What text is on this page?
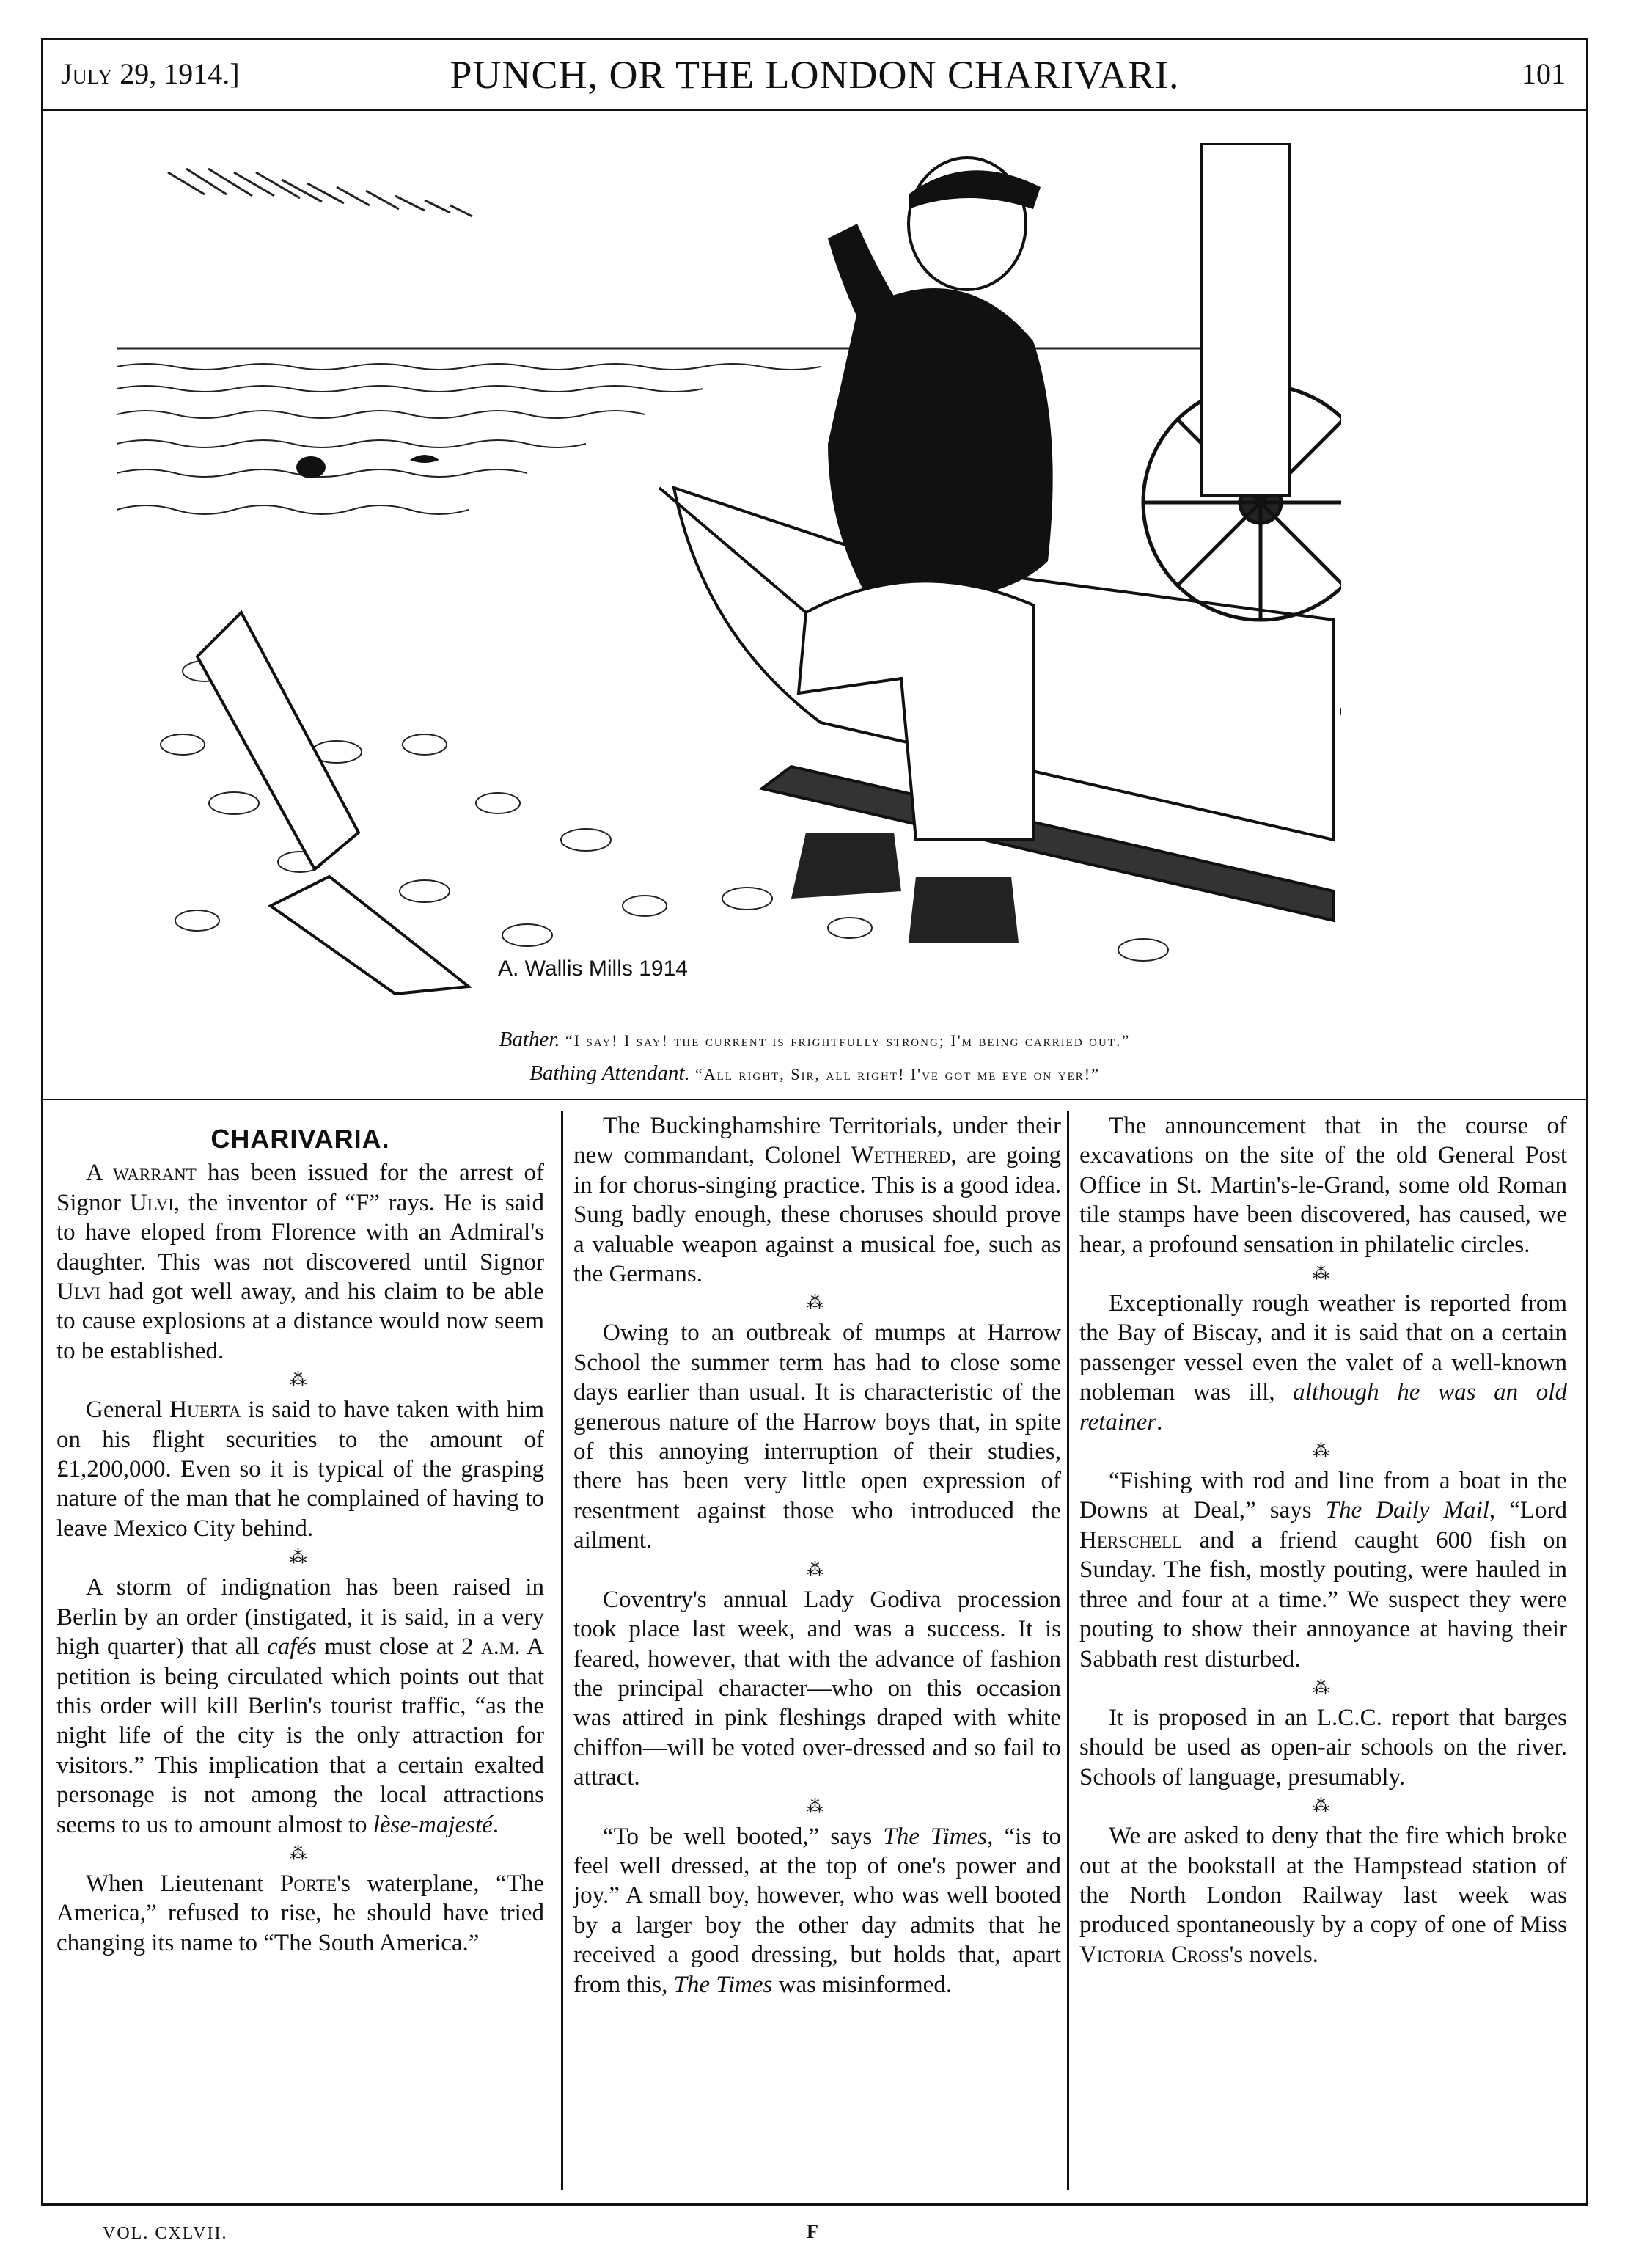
July 29, 1914.]	PUNCH, OR THE LONDON CHARIVARI.	101
A. Wallis Mills 1914
Bather. “I say! I say! the current is frightfully strong; I'm being carried out.”
Bathing Attendant. “All right, Sir, all right! I've got me eye on yer!”
CHARIVARIA.

A warrant has been issued for the arrest of Signor Ulvi, the inventor of “F” rays. He is said to have eloped from Florence with an Admiral's daughter. This was not discovered until Signor Ulvi had got well away, and his claim to be able to cause explosions at a distance would now seem to be established.

⁂

General Huerta is said to have taken with him on his flight securities to the amount of £1,200,000. Even so it is typical of the grasping nature of the man that he complained of having to leave Mexico City behind.

⁂

A storm of indignation has been raised in Berlin by an order (instigated, it is said, in a very high quarter) that all cafés must close at 2 a.m. A petition is being circulated which points out that this order will kill Berlin's tourist traffic, “as the night life of the city is the only attraction for visitors.” This implication that a certain exalted personage is not among the local attractions seems to us to amount almost to lèse-majesté.

⁂

When Lieutenant Porte's waterplane, “The America,” refused to rise, he should have tried changing its name to “The South America.”

The Buckinghamshire Territorials, under their new commandant, Colonel Wethered, are going in for chorus-singing practice. This is a good idea. Sung badly enough, these choruses should prove a valuable weapon against a musical foe, such as the Germans.

⁂

Owing to an outbreak of mumps at Harrow School the summer term has had to close some days earlier than usual. It is characteristic of the generous nature of the Harrow boys that, in spite of this annoying interruption of their studies, there has been very little open expression of resentment against those who introduced the ailment.

⁂

Coventry's annual Lady Godiva procession took place last week, and was a success. It is feared, however, that with the advance of fashion the principal character—who on this occasion was attired in pink fleshings draped with white chiffon—will be voted over-dressed and so fail to attract.

⁂

“To be well booted,” says The Times, “is to feel well dressed, at the top of one's power and joy.” A small boy, however, who was well booted by a larger boy the other day admits that he received a good dressing, but holds that, apart from this, The Times was misinformed.

The announcement that in the course of excavations on the site of the old General Post Office in St. Martin's-le-Grand, some old Roman tile stamps have been discovered, has caused, we hear, a profound sensation in philatelic circles.

⁂

Exceptionally rough weather is reported from the Bay of Biscay, and it is said that on a certain passenger vessel even the valet of a well-known nobleman was ill, although he was an old retainer.

⁂

“Fishing with rod and line from a boat in the Downs at Deal,” says The Daily Mail, “Lord Herschell and a friend caught 600 fish on Sunday. The fish, mostly pouting, were hauled in three and four at a time.” We suspect they were pouting to show their annoyance at having their Sabbath rest disturbed.

⁂

It is proposed in an L.C.C. report that barges should be used as open-air schools on the river. Schools of language, presumably.

⁂

We are asked to deny that the fire which broke out at the bookstall at the Hampstead station of the North London Railway last week was produced spontaneously by a copy of one of Miss Victoria Cross's novels.

VOL. CXLVII.	F
